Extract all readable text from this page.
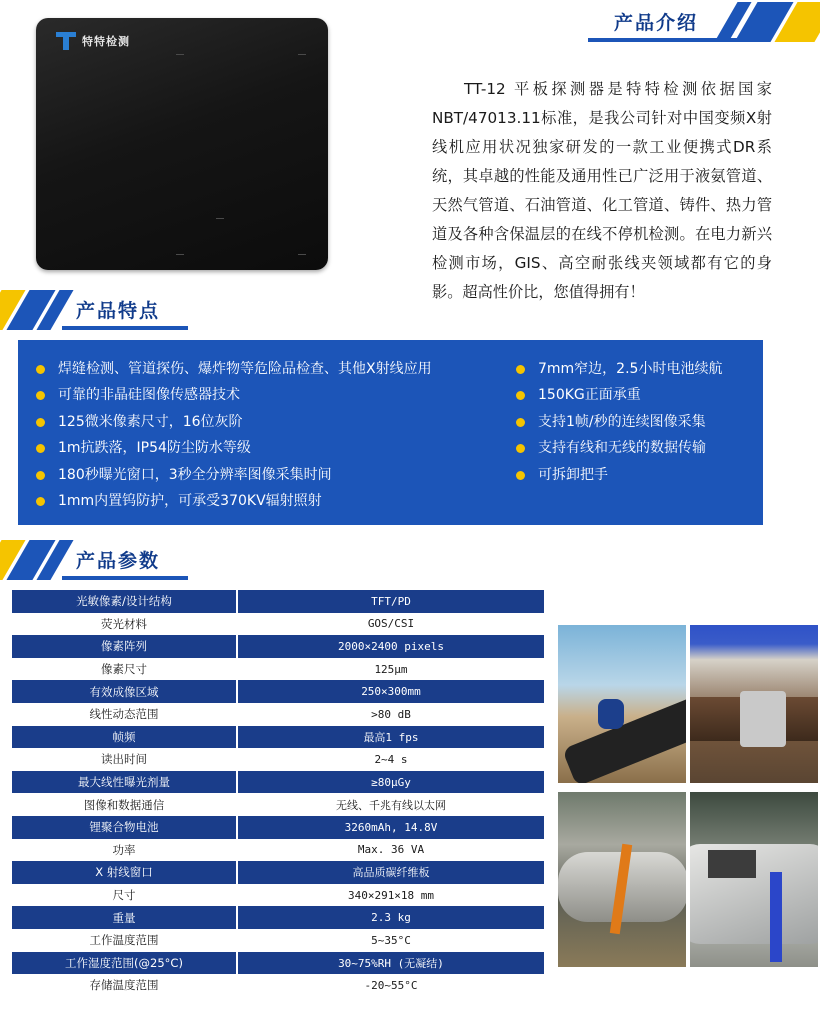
特特检测
产品介绍

TT-12 平板探测器是特特检测依据国家NBT/47013.11标准，是我公司针对中国变频X射线机应用状况独家研发的一款工业便携式DR系统，其卓越的性能及通用性已广泛用于液氨管道、天然气管道、石油管道、化工管道、铸件、热力管道及各种含保温层的在线不停机检测。在电力新兴检测市场，GIS、高空耐张线夹领域都有它的身影。超高性价比，您值得拥有！

产品特点
焊缝检测、管道探伤、爆炸物等危险品检查、其他X射线应用
可靠的非晶硅图像传感器技术
125微米像素尺寸，16位灰阶
1m抗跌落，IP54防尘防水等级
180秒曝光窗口，3秒全分辨率图像采集时间
1mm内置钨防护，可承受370KV辐射照射
7mm窄边，2.5小时电池续航
150KG正面承重
支持1帧/秒的连续图像采集
支持有线和无线的数据传输
可拆卸把手
产品参数
光敏像素/设计结构	TFT/PD
荧光材料	GOS/CSI
像素阵列	2000×2400 pixels
像素尺寸	125μm
有效成像区域	250×300mm
线性动态范围	>80 dB
帧频	最高1 fps
读出时间	2~4 s
最大线性曝光剂量	≥80μGy
图像和数据通信	无线、千兆有线以太网
锂聚合物电池	3260mAh, 14.8V
功率	Max. 36 VA
X 射线窗口	高品质碳纤维板
尺寸	340×291×18 mm
重量	2.3 kg
工作温度范围	5~35°C
工作湿度范围(@25°C)	30~75%RH (无凝结)
存储温度范围	-20~55°C
